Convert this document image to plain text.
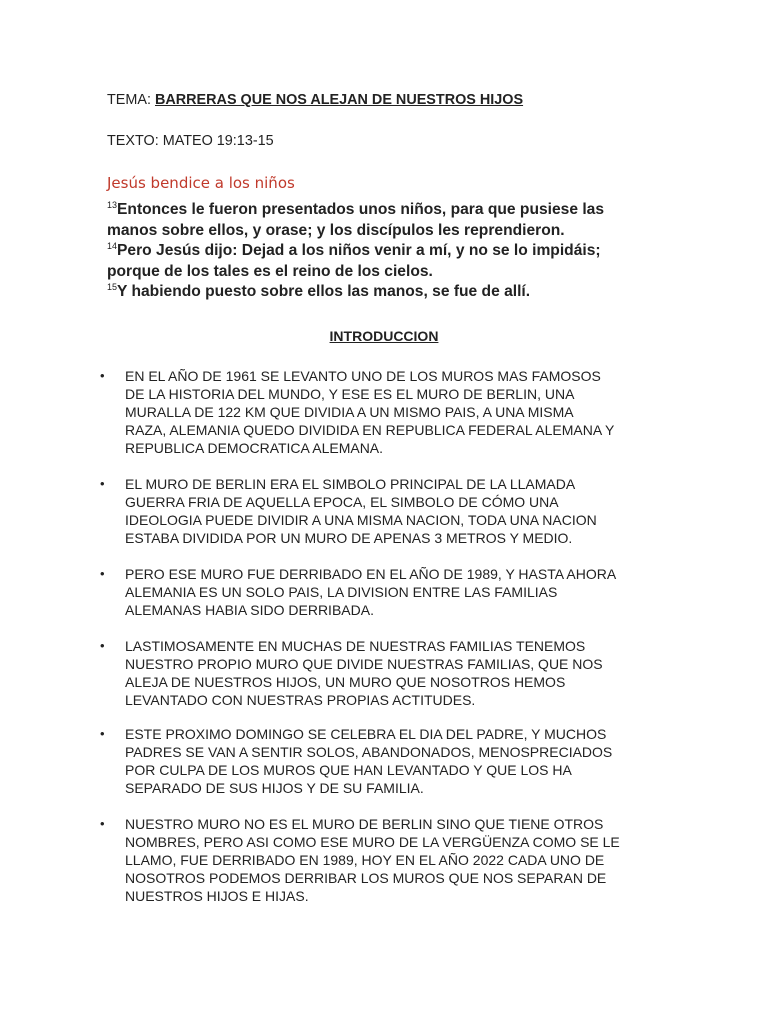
TEMA: BARRERAS QUE NOS ALEJAN DE NUESTROS HIJOS
TEXTO: MATEO 19:13-15
Jesús bendice a los niños
$^{13}$Entonces le fueron presentados unos niños, para que pusiese las
manos sobre ellos, y orase; y los discípulos les reprendieron.
$^{14}$Pero Jesús dijo: Dejad a los niños venir a mí, y no se lo impidáis;
porque de los tales es el reino de los cielos.
$^{15}$Y habiendo puesto sobre ellos las manos, se fue de allí.
INTRODUCCION
• EN EL AÑO DE 1961 SE LEVANTO UNO DE LOS MUROS MAS FAMOSOS
DE LA HISTORIA DEL MUNDO, Y ESE ES EL MURO DE BERLIN, UNA
MURALLA DE 122 KM QUE DIVIDIA A UN MISMO PAIS, A UNA MISMA
RAZA, ALEMANIA QUEDO DIVIDIDA EN REPUBLICA FEDERAL ALEMANA Y
REPUBLICA DEMOCRATICA ALEMANA.
• EL MURO DE BERLIN ERA EL SIMBOLO PRINCIPAL DE LA LLAMADA
GUERRA FRIA DE AQUELLA EPOCA, EL SIMBOLO DE CÓMO UNA
IDEOLOGIA PUEDE DIVIDIR A UNA MISMA NACION, TODA UNA NACION
ESTABA DIVIDIDA POR UN MURO DE APENAS 3 METROS Y MEDIO.
• PERO ESE MURO FUE DERRIBADO EN EL AÑO DE 1989, Y HASTA AHORA
ALEMANIA ES UN SOLO PAIS, LA DIVISION ENTRE LAS FAMILIAS
ALEMANAS HABIA SIDO DERRIBADA.
• LASTIMOSAMENTE EN MUCHAS DE NUESTRAS FAMILIAS TENEMOS
NUESTRO PROPIO MURO QUE DIVIDE NUESTRAS FAMILIAS, QUE NOS
ALEJA DE NUESTROS HIJOS, UN MURO QUE NOSOTROS HEMOS
LEVANTADO CON NUESTRAS PROPIAS ACTITUDES.
• ESTE PROXIMO DOMINGO SE CELEBRA EL DIA DEL PADRE, Y MUCHOS
PADRES SE VAN A SENTIR SOLOS, ABANDONADOS, MENOSPRECIADOS
POR CULPA DE LOS MUROS QUE HAN LEVANTADO Y QUE LOS HA
SEPARADO DE SUS HIJOS Y DE SU FAMILIA.
• NUESTRO MURO NO ES EL MURO DE BERLIN SINO QUE TIENE OTROS
NOMBRES, PERO ASI COMO ESE MURO DE LA VERGÜENZA COMO SE LE
LLAMO, FUE DERRIBADO EN 1989, HOY EN EL AÑO 2022 CADA UNO DE
NOSOTROS PODEMOS DERRIBAR LOS MUROS QUE NOS SEPARAN DE
NUESTROS HIJOS E HIJAS.
